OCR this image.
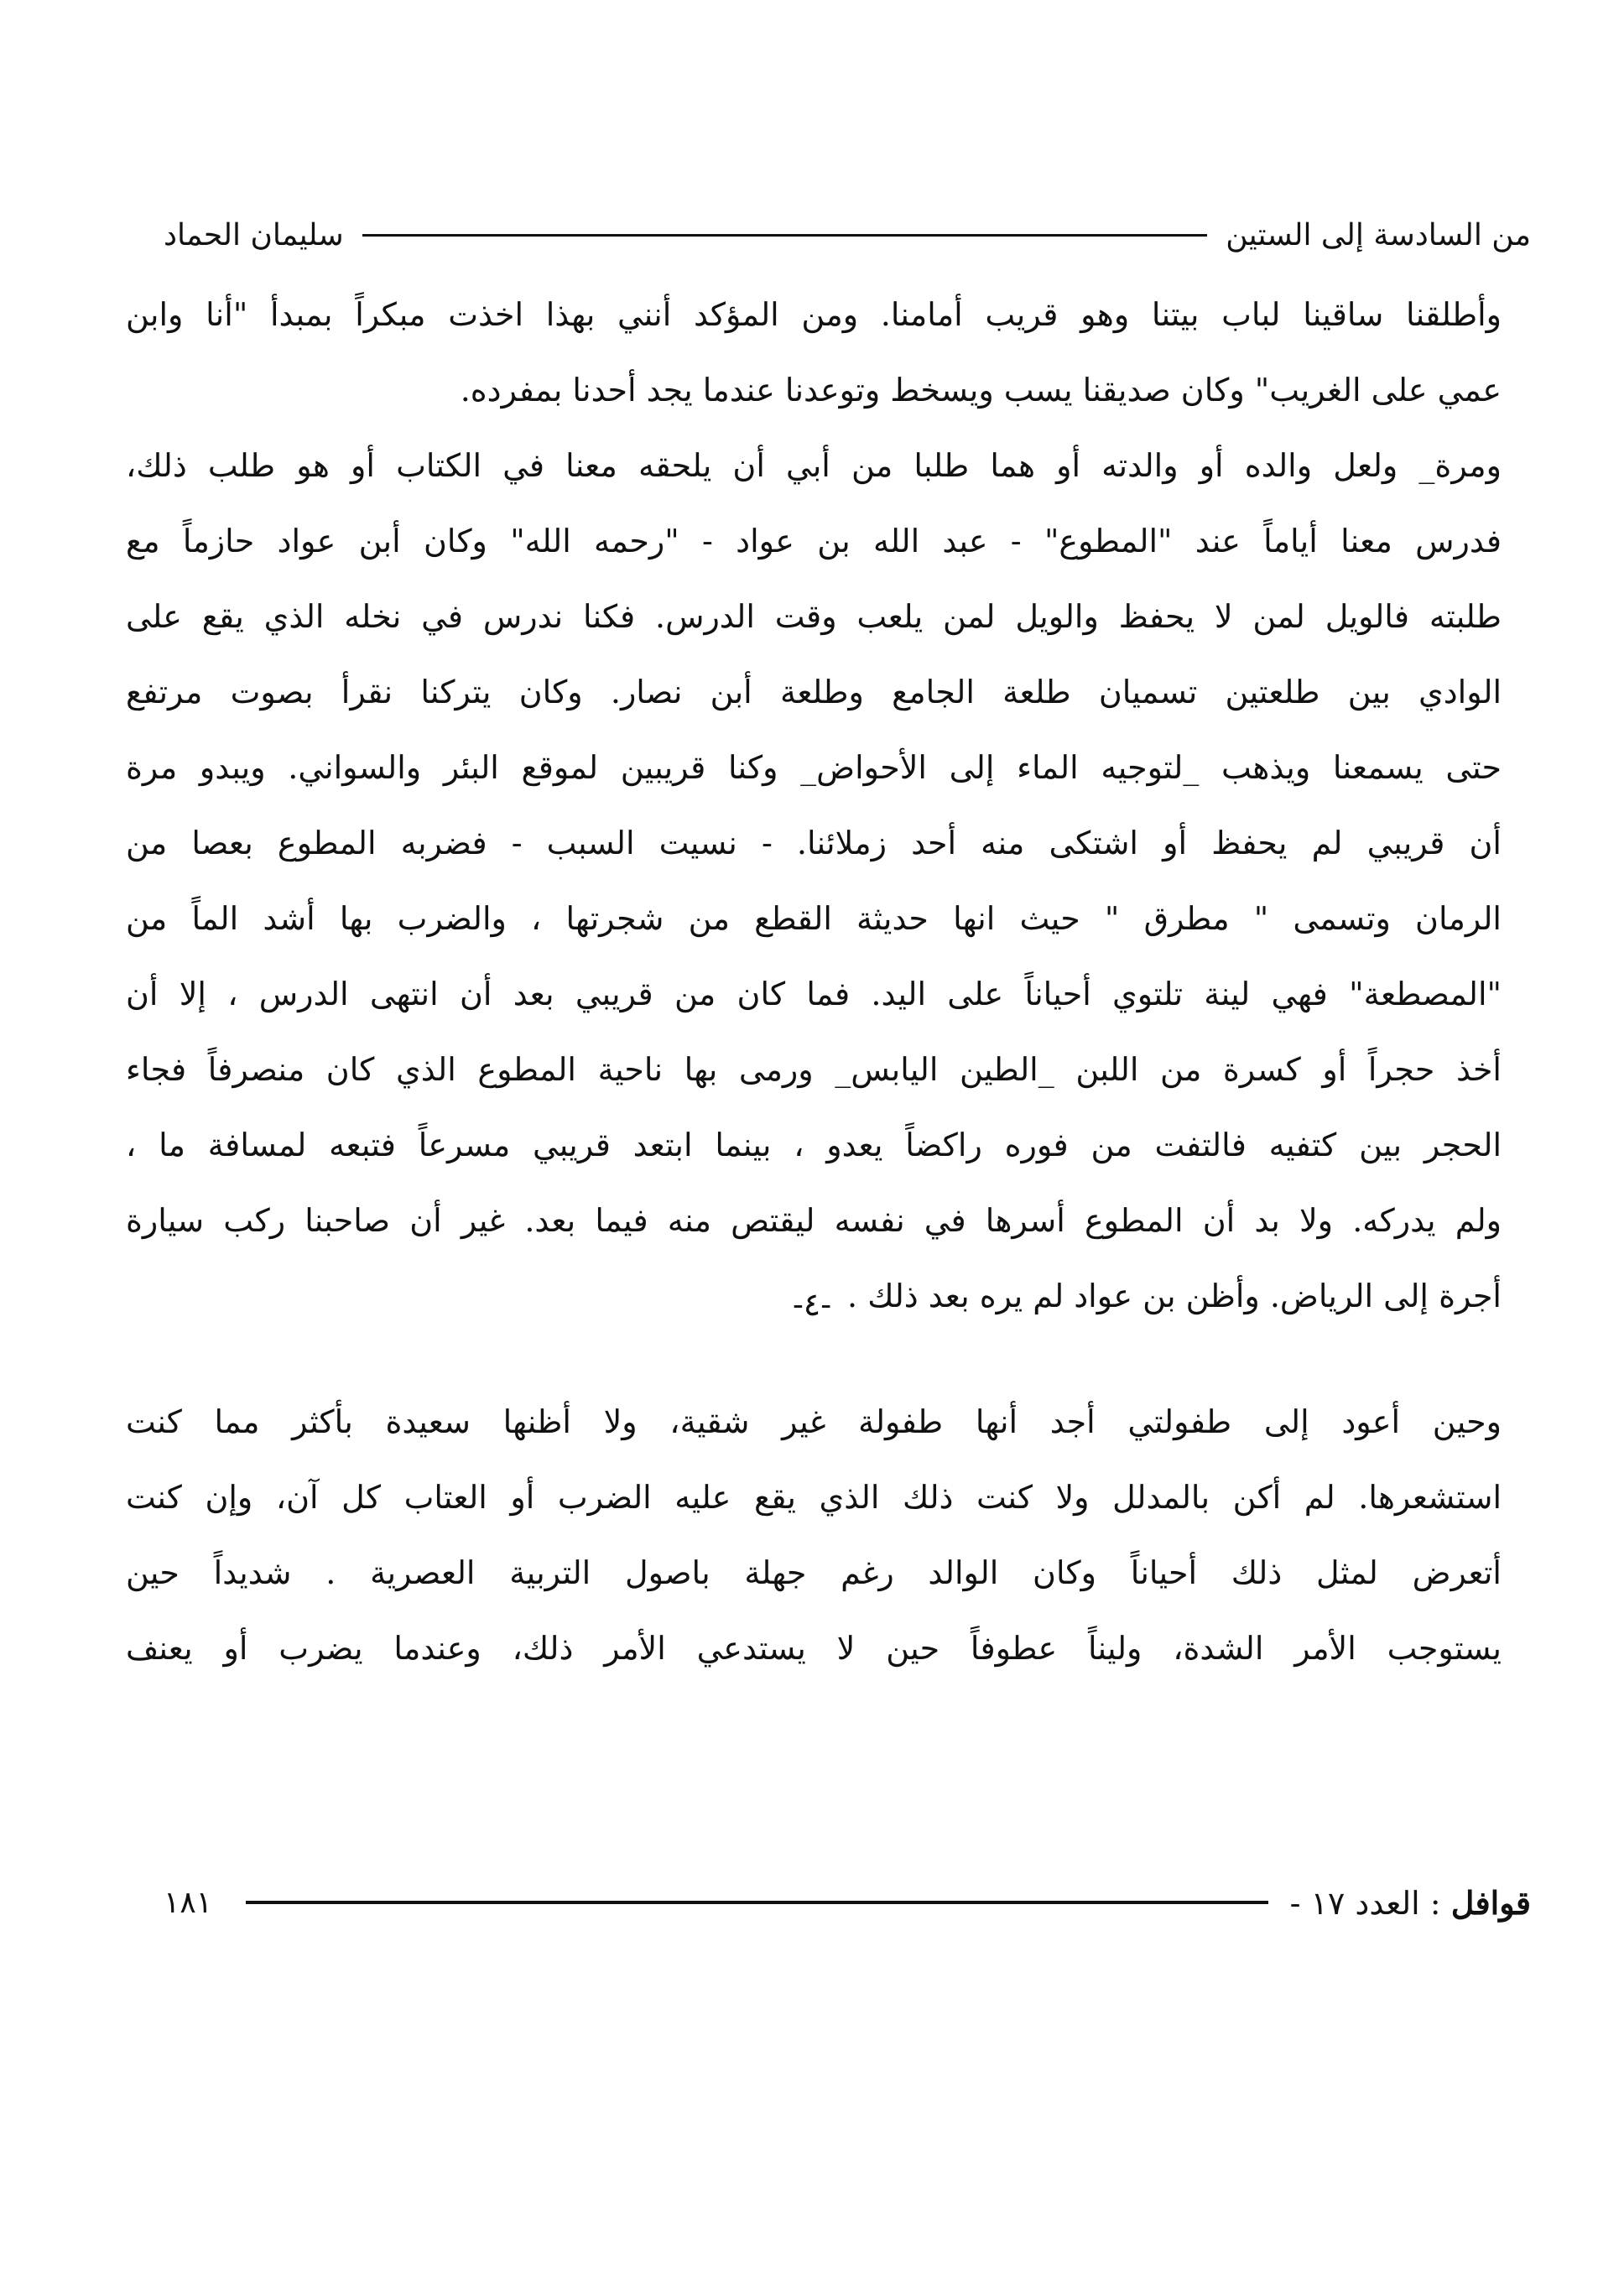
من السادسة إلى الستين
سليمان الحماد
وأطلقنا ساقينا لباب بيتنا وهو قريب أمامنا. ومن المؤكد أنني بهذا اخذت مبكراً بمبدأ "أنا وابن
عمي على الغريب" وكان صديقنا يسب ويسخط وتوعدنا عندما يجد أحدنا بمفرده.
ومرة_ ولعل والده أو والدته أو هما طلبا من أبي أن يلحقه معنا في الكتاب أو هو طلب ذلك،
فدرس معنا أياماً عند "المطوع" - عبد الله بن عواد - "رحمه الله" وكان أبن عواد حازماً مع
طلبته فالويل لمن لا يحفظ والويل لمن يلعب وقت الدرس. فكنا ندرس في نخله الذي يقع على
الوادي بين طلعتين تسميان طلعة الجامع وطلعة أبن نصار. وكان يتركنا نقرأ بصوت مرتفع
حتى يسمعنا ويذهب _لتوجيه الماء إلى الأحواض_ وكنا قريبين لموقع البئر والسواني. ويبدو مرة
أن قريبي لم يحفظ أو اشتكى منه أحد زملائنا. - نسيت السبب - فضربه المطوع بعصا من
الرمان وتسمى " مطرق " حيث انها حديثة القطع من شجرتها ، والضرب بها أشد الماً من
"المصطعة" فهي لينة تلتوي أحياناً على اليد. فما كان من قريبي بعد أن انتهى الدرس ، إلا أن
أخذ حجراً أو كسرة من اللبن _الطين اليابس_ ورمى بها ناحية المطوع الذي كان منصرفاً فجاء
الحجر بين كتفيه فالتفت من فوره راكضاً يعدو ، بينما ابتعد قريبي مسرعاً فتبعه لمسافة ما ،
ولم يدركه. ولا بد أن المطوع أسرها في نفسه ليقتص منه فيما بعد. غير أن صاحبنا ركب سيارة
أجرة إلى الرياض. وأظن بن عواد لم يره بعد ذلك .
-٤-
وحين أعود إلى طفولتي أجد أنها طفولة غير شقية، ولا أظنها سعيدة بأكثر مما كنت
استشعرها. لم أكن بالمدلل ولا كنت ذلك الذي يقع عليه الضرب أو العتاب كل آن، وإن كنت
أتعرض لمثل ذلك أحياناً وكان الوالد رغم جهلة باصول التربية العصرية . شديداً حين
يستوجب الأمر الشدة، وليناً عطوفاً حين لا يستدعي الأمر ذلك، وعندما يضرب أو يعنف
قوافل : العدد ١٧ -
١٨١
